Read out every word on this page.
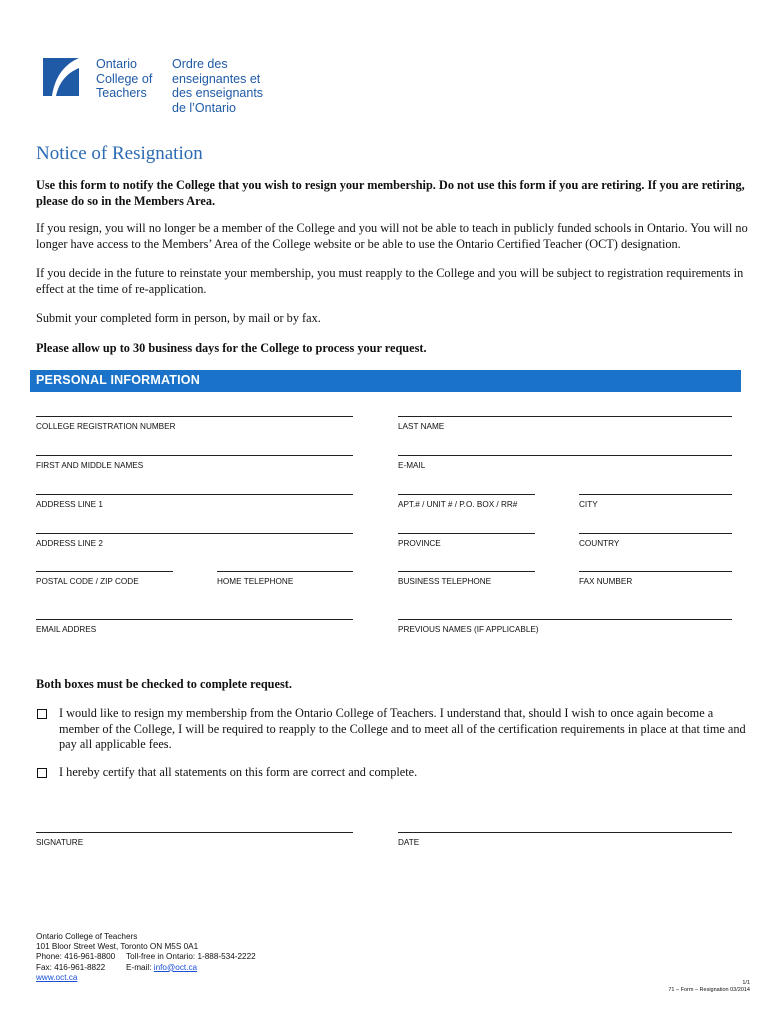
Ontario
College of
Teachers
Ordre des
enseignantes et
des enseignants
de l’Ontario
Notice of Resignation
Use this form to notify the College that you wish to resign your membership. Do not use this form if you are retiring. If you are retiring, please do so in the Members Area.
If you resign, you will no longer be a member of the College and you will not be able to teach in publicly funded schools in Ontario. You will no longer have access to the Members’ Area of the College website or be able to use the Ontario Certified Teacher (OCT) designation.
If you decide in the future to reinstate your membership, you must reapply to the College and you will be subject to registration requirements in effect at the time of re-application.
Submit your completed form in person, by mail or by fax.
Please allow up to 30 business days for the College to process your request.
PERSONAL INFORMATION
COLLEGE REGISTRATION NUMBER	LAST NAME
FIRST AND MIDDLE NAMES	E-MAIL
ADDRESS LINE 1	APT.# / UNIT # / P.O. BOX / RR#	CITY
ADDRESS LINE 2	PROVINCE	COUNTRY
POSTAL CODE / ZIP CODE	HOME TELEPHONE	BUSINESS TELEPHONE	FAX NUMBER
EMAIL ADDRES	PREVIOUS NAMES (IF APPLICABLE)
Both boxes must be checked to complete request.
I would like to resign my membership from the Ontario College of Teachers. I understand that, should I wish to once again become a member of the College, I will be required to reapply to the College and to meet all of the certification requirements in place at that time and pay all applicable fees.
I hereby certify that all statements on this form are correct and complete.
SIGNATURE	DATE
Ontario College of Teachers
101 Bloor Street West, Toronto ON M5S 0A1
Phone: 416-961-8800 Toll-free in Ontario: 1-888-534-2222
Fax: 416-961-8822	E-mail: info@oct.ca
www.oct.ca
1/1
71 – Form – Resignation 03/2014
